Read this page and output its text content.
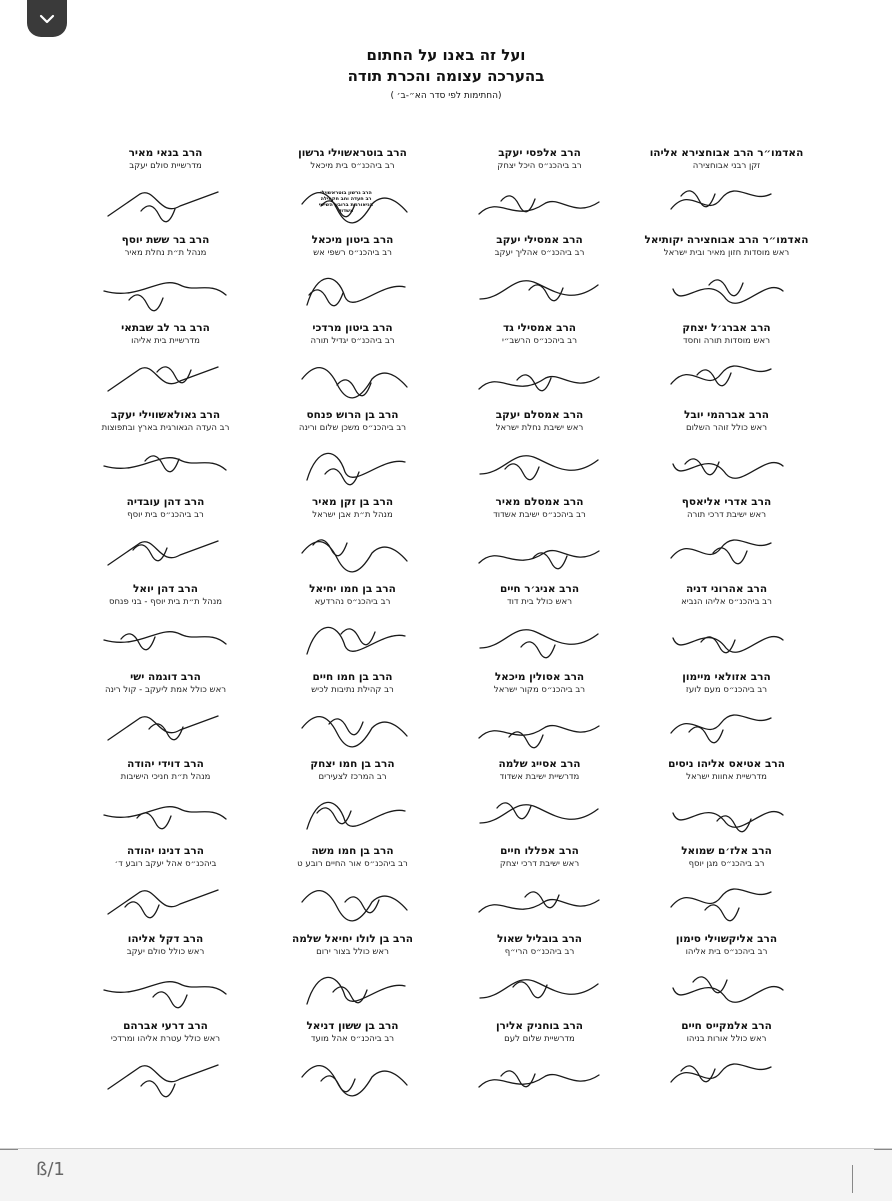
ועל זה באנו על החתום
בהערכה עצומה והכרת תודה
(החתימות לפי סדר הא״-ב׳ )
האדמו״ר הרב אבוחצירא אליהו
זקן רבני אבוחצירה
הרב אלפסי יעקב
רב ביהכנ״ס היכל יצחק
הרב בוטראשוילי גרשון
רב ביהכנ״ס בית מיכאל
הרב גרשון בוטראשוילי
רב חעדה וחב חקחילה
הגיאורגית ברובע השישי
אשדוד
הרב בנאי מאיר
מדרשיית סולם יעקב
האדמו״ר הרב אבוחצירה יקותיאל
ראש מוסדות חזון מאיר ובית ישראל
הרב אמסילי יעקב
רב ביהכנ״ס אהליך יעקב
הרב ביטון מיכאל
רב ביהכנ״ס רשפי אש
הרב בר ששת יוסף
מנהל ת״ת נחלת מאיר
הרב אברג׳ל יצחק
ראש מוסדות תורה וחסד
הרב אמסילי גד
רב ביהכנ״ס הרשב״י
הרב ביטון מרדכי
רב ביהכנ״ס יגדיל תורה
הרב בר לב שבתאי
מדרשיית בית אליהו
הרב אברהמי יובל
ראש כולל זוהר השלום
הרב אמסלם יעקב
ראש ישיבת נחלת ישראל
הרב בן הרוש פנחס
רב ביהכנ״ס משכן שלום ורינה
הרב גאולאשווילי יעקב
רב העדה הגאורגית בארץ ובתפוצות
הרב אדרי אליאסף
ראש ישיבת דרכי תורה
הרב אמסלם מאיר
רב ביהכנ״ס ישיבת אשדוד
הרב בן זקן מאיר
מנהל ת״ת אבן ישראל
הרב דהן עובדיה
רב ביהכנ״ס בית יוסף
הרב אהרוני דניה
רב ביהכנ״ס אליהו הנביא
הרב אניג׳ר חיים
ראש כולל בית דוד
הרב בן חמו יחיאל
רב ביהכנ״ס נהרדעא
הרב דהן יואל
מנהל ת״ת בית יוסף - בני פנחס
הרב אזולאי מיימון
רב ביהכנ״ס מעם לועז
הרב אסולין מיכאל
רב ביהכנ״ס מקור ישראל
הרב בן חמו חיים
רב קהילת נתיבות לכיש
הרב דוגמה ישי
ראש כולל אמת ליעקב - קול רינה
הרב אטיאס אליהו ניסים
מדרשיית אחוות ישראל
הרב אסייג שלמה
מדרשיית ישיבת אשדוד
הרב בן חמו יצחק
רב המרכז לצעירים
הרב דוידי יהודה
מנהל ת״ת חניכי הישיבות
הרב אלז׳ם שמואל
רב ביהכנ״ס מגן יוסף
הרב אפללו חיים
ראש ישיבת דרכי יצחק
הרב בן חמו משה
רב ביהכנ״ס אור החיים רובע ט
הרב דנינו יהודה
ביהכנ״ס אהל יעקב רובע ד׳
הרב אליקשוילי סימון
רב ביהכנ״ס בית אליהו
הרב בובליל שאול
רב ביהכנ״ס הרי״ף
הרב בן לולו יחיאל שלמה
ראש כולל בצור ירום
הרב דקל אליהו
ראש כולל סולם יעקב
הרב אלמקייס חיים
ראש כולל אורות בניהו
הרב בוחניק אלירן
מדרשיית שלום לעם
הרב בן ששון דניאל
רב ביהכנ״ס אהל מועד
הרב דרעי אברהם
ראש כולל עטרת אליהו ומרדכי
ß/1
